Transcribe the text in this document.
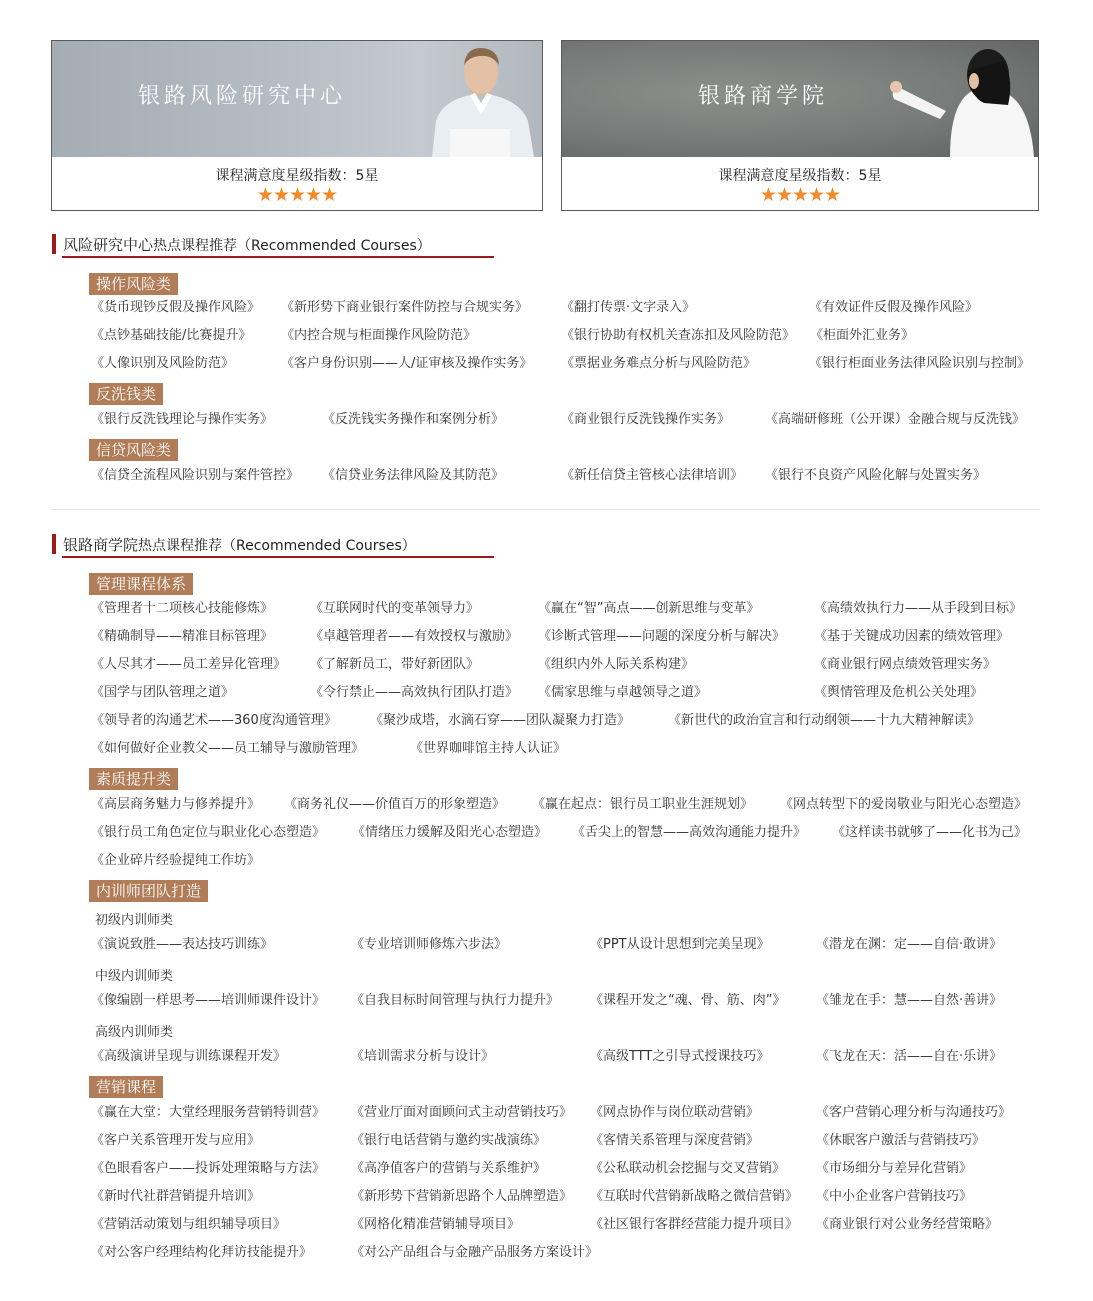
银路风险研究中心
课程满意度星级指数：5星
★★★★★
银路商学院
课程满意度星级指数：5星
★★★★★
风险研究中心热点课程推荐（Recommended Courses）
操作风险类
《货币现钞反假及操作风险》 《新形势下商业银行案件防控与合规实务》	《翻打传票·文字录入》	《有效证件反假及操作风险》
《点钞基础技能/比赛提升》 《内控合规与柜面操作风险防范》	《银行协助有权机关查冻扣及风险防范》 《柜面外汇业务》
《人像识别及风险防范》	《客户身份识别——人/证审核及操作实务》 《票据业务难点分析与风险防范》	《银行柜面业务法律风险识别与控制》
反洗钱类
《银行反洗钱理论与操作实务》	《反洗钱实务操作和案例分析》	《商业银行反洗钱操作实务》	《高端研修班（公开课）金融合规与反洗钱》
信贷风险类
《信贷全流程风险识别与案件管控》 《信贷业务法律风险及其防范》	《新任信贷主管核心法律培训》 《银行不良资产风险化解与处置实务》
银路商学院热点课程推荐（Recommended Courses）
管理课程体系
《管理者十二项核心技能修炼》	《互联网时代的变革领导力》	《赢在“智”高点——创新思维与变革》	《高绩效执行力——从手段到目标》
《精确制导——精准目标管理》	《卓越管理者——有效授权与激励》 《诊断式管理——问题的深度分析与解决》 《基于关键成功因素的绩效管理》
《人尽其才——员工差异化管理》 《了解新员工，带好新团队》	《组织内外人际关系构建》	《商业银行网点绩效管理实务》
《国学与团队管理之道》	《令行禁止——高效执行团队打造》 《儒家思维与卓越领导之道》	《舆情管理及危机公关处理》
《领导者的沟通艺术——360度沟通管理》	《聚沙成塔，水滴石穿——团队凝聚力打造》	《新世代的政治宣言和行动纲领——十九大精神解读》
《如何做好企业教父——员工辅导与激励管理》	《世界咖啡馆主持人认证》
素质提升类
《高层商务魅力与修养提升》 《商务礼仪——价值百万的形象塑造》 《赢在起点：银行员工职业生涯规划》 《网点转型下的爱岗敬业与阳光心态塑造》
《银行员工角色定位与职业化心态塑造》 《情绪压力缓解及阳光心态塑造》 《舌尖上的智慧——高效沟通能力提升》 《这样读书就够了——化书为己》
《企业碎片经验提纯工作坊》
内训师团队打造
初级内训师类
《演说致胜——表达技巧训练》	《专业培训师修炼六步法》	《PPT从设计思想到完美呈现》	《潜龙在渊：定——自信·敢讲》
中级内训师类
《像编剧一样思考——培训师课件设计》 《自我目标时间管理与执行力提升》 《课程开发之“魂、骨、筋、肉”》 《雏龙在手：慧——自然·善讲》
高级内训师类
《高级演讲呈现与训练课程开发》	《培训需求分析与设计》	《高级TTT之引导式授课技巧》	《飞龙在天：活——自在·乐讲》
营销课程
《赢在大堂：大堂经理服务营销特训营》 《营业厅面对面顾问式主动营销技巧》 《网点协作与岗位联动营销》	《客户营销心理分析与沟通技巧》
《客户关系管理开发与应用》	《银行电话营销与邀约实战演练》	《客情关系管理与深度营销》	《休眠客户激活与营销技巧》
《色眼看客户——投诉处理策略与方法》 《高净值客户的营销与关系维护》	《公私联动机会挖掘与交叉营销》 《市场细分与差异化营销》
《新时代社群营销提升培训》	《新形势下营销新思路个人品牌塑造》 《互联时代营销新战略之微信营销》 《中小企业客户营销技巧》
《营销活动策划与组织辅导项目》	《网格化精准营销辅导项目》	《社区银行客群经营能力提升项目》 《商业银行对公业务经营策略》
《对公客户经理结构化拜访技能提升》	《对公产品组合与金融产品服务方案设计》
